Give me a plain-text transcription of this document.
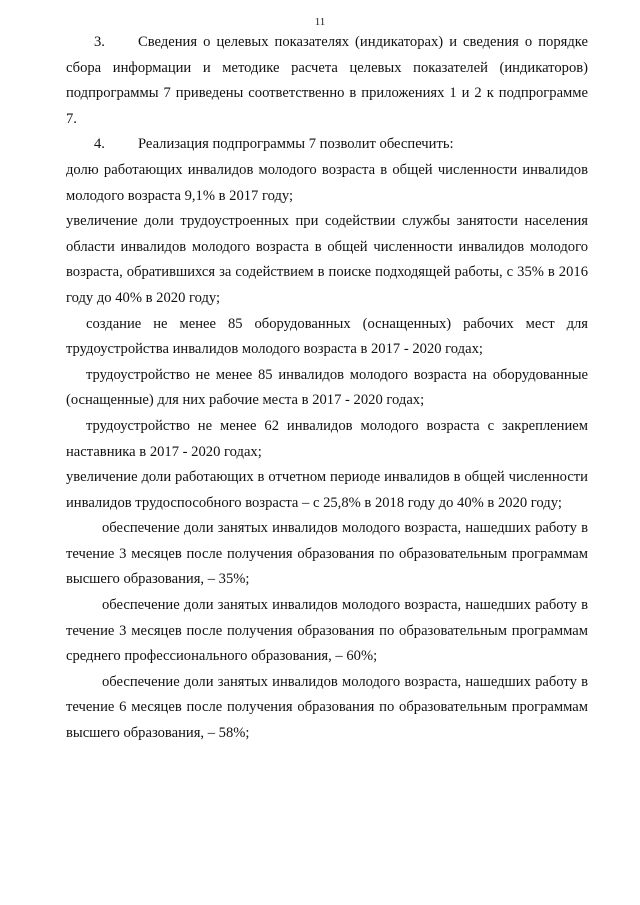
11

3. Сведения о целевых показателях (индикаторах) и сведения о порядке сбора информации и методике расчета целевых показателей (индикаторов) подпрограммы 7 приведены соответственно в приложениях 1 и 2 к подпрограмме 7.

4. Реализация подпрограммы 7 позволит обеспечить:

долю работающих инвалидов молодого возраста в общей численности инвалидов молодого возраста 9,1% в 2017 году;

увеличение доли трудоустроенных при содействии службы занятости населения области инвалидов молодого возраста в общей численности инвалидов молодого возраста, обратившихся за содействием в поиске подходящей работы, с 35% в 2016 году до 40% в 2020 году;

создание не менее 85 оборудованных (оснащенных) рабочих мест для трудоустройства инвалидов молодого возраста в 2017 - 2020 годах;

трудоустройство не менее 85 инвалидов молодого возраста на оборудованные (оснащенные) для них рабочие места в 2017 - 2020 годах;

трудоустройство не менее 62 инвалидов молодого возраста с закреплением наставника в 2017 - 2020 годах;

увеличение доли работающих в отчетном периоде инвалидов в общей численности инвалидов трудоспособного возраста – с 25,8% в 2018 году до 40% в 2020 году;

обеспечение доли занятых инвалидов молодого возраста, нашедших работу в течение 3 месяцев после получения образования по образовательным программам высшего образования, – 35%;

обеспечение доли занятых инвалидов молодого возраста, нашедших работу в течение 3 месяцев после получения образования по образовательным программам среднего профессионального образования, – 60%;

обеспечение доли занятых инвалидов молодого возраста, нашедших работу в течение 6 месяцев после получения образования по образовательным программам высшего образования, – 58%;
